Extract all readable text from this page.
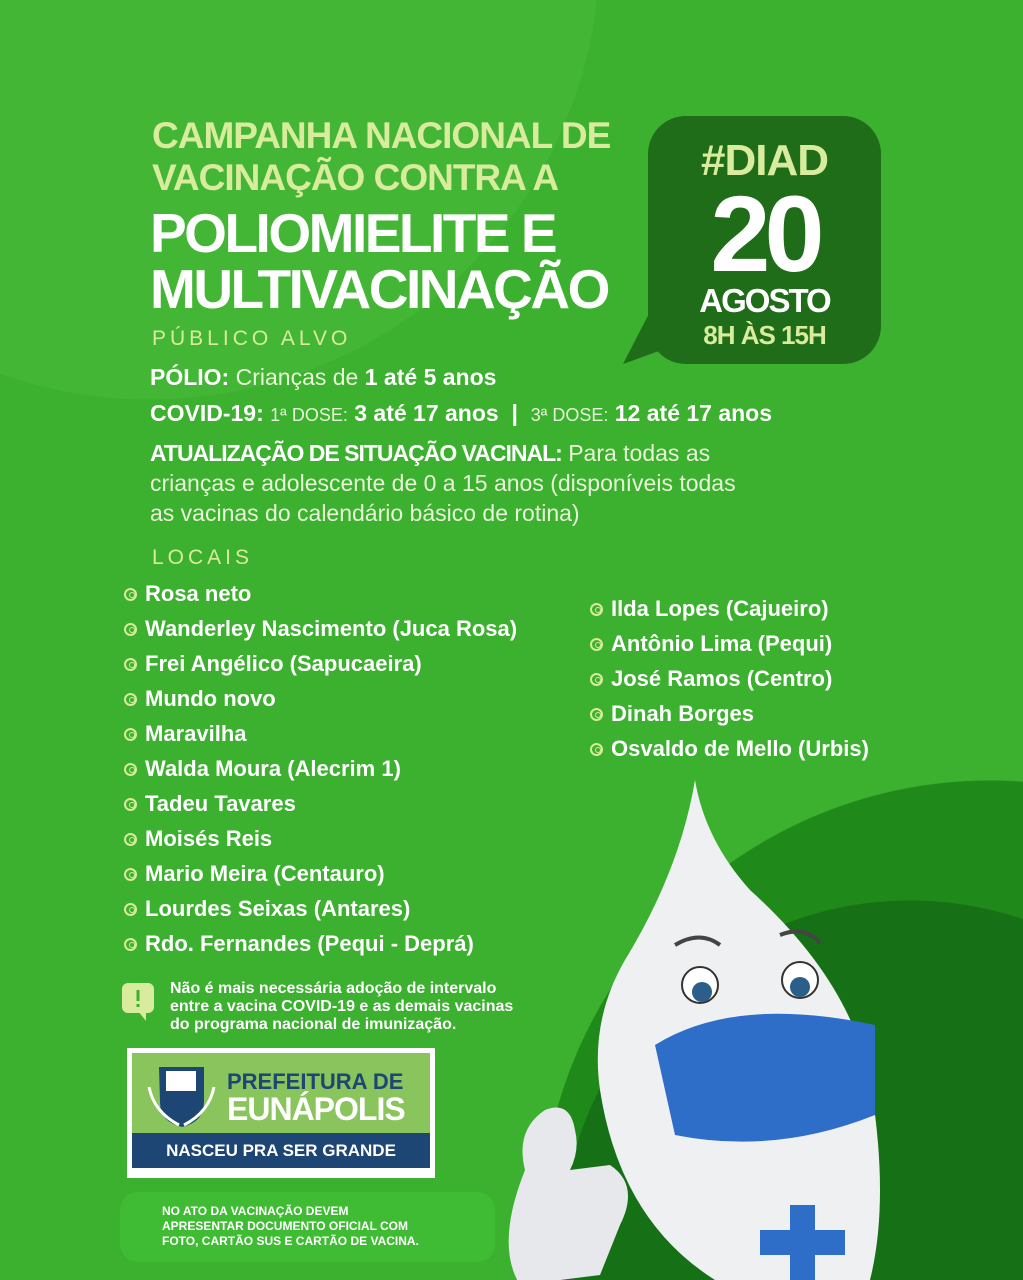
CAMPANHA NACIONAL DE
VACINAÇÃO CONTRA A
POLIOMIELITE E
MULTIVACINAÇÃO
#DIAD
20
AGOSTO
8H ÀS 15H
PÚBLICO ALVO
PÓLIO: Crianças de 1 até 5 anos
COVID-19: 1ª DOSE: 3 até 17 anos | 3ª DOSE: 12 até 17 anos
ATUALIZAÇÃO DE SITUAÇÃO VACINAL: Para todas as
crianças e adolescente de 0 a 15 anos (disponíveis todas
as vacinas do calendário básico de rotina)
LOCAIS
Rosa neto
Wanderley Nascimento (Juca Rosa)
Frei Angélico (Sapucaeira)
Mundo novo
Maravilha
Walda Moura (Alecrim 1)
Tadeu Tavares
Moisés Reis
Mario Meira (Centauro)
Lourdes Seixas (Antares)
Rdo. Fernandes (Pequi - Deprá)
Ilda Lopes (Cajueiro)
Antônio Lima (Pequi)
José Ramos (Centro)
Dinah Borges
Osvaldo de Mello (Urbis)
Não é mais necessária adoção de intervalo
entre a vacina COVID-19 e as demais vacinas
do programa nacional de imunização.
PREFEITURA DE
EUNÁPOLIS
NASCEU PRA SER GRANDE
NO ATO DA VACINAÇÃO DEVEM
APRESENTAR DOCUMENTO OFICIAL COM
FOTO, CARTÃO SUS E CARTÃO DE VACINA.
